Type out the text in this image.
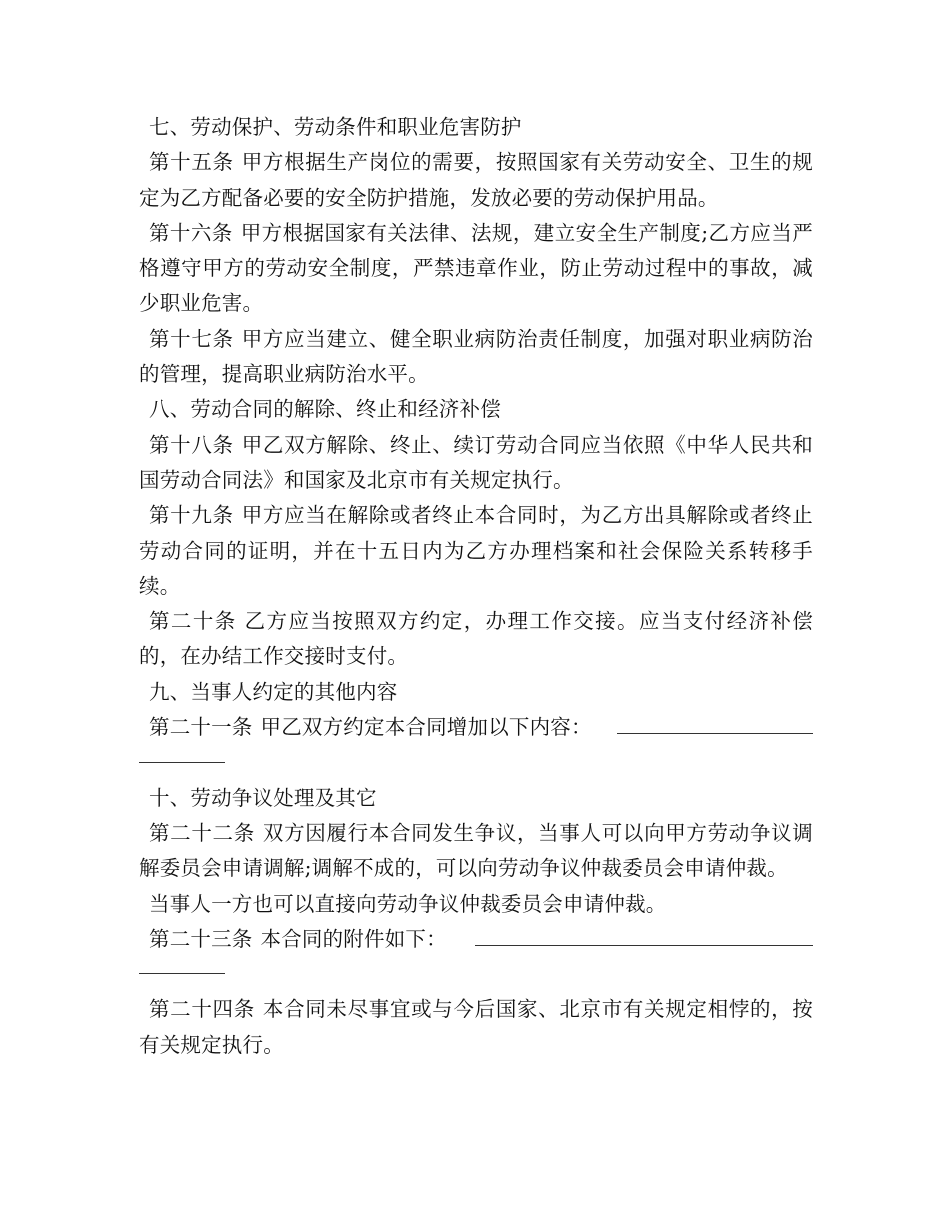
七、劳动保护、劳动条件和职业危害防护

第十五条 甲方根据生产岗位的需要，按照国家有关劳动安全、卫生的规定为乙方配备必要的安全防护措施，发放必要的劳动保护用品。

第十六条 甲方根据国家有关法律、法规，建立安全生产制度;乙方应当严格遵守甲方的劳动安全制度，严禁违章作业，防止劳动过程中的事故，减少职业危害。

第十七条 甲方应当建立、健全职业病防治责任制度，加强对职业病防治的管理，提高职业病防治水平。

八、劳动合同的解除、终止和经济补偿

第十八条 甲乙双方解除、终止、续订劳动合同应当依照《中华人民共和国劳动合同法》和国家及北京市有关规定执行。

第十九条 甲方应当在解除或者终止本合同时，为乙方出具解除或者终止劳动合同的证明，并在十五日内为乙方办理档案和社会保险关系转移手续。

第二十条 乙方应当按照双方约定，办理工作交接。应当支付经济补偿的，在办结工作交接时支付。

九、当事人约定的其他内容

第二十一条 甲乙双方约定本合同增加以下内容：

十、劳动争议处理及其它

第二十二条 双方因履行本合同发生争议，当事人可以向甲方劳动争议调解委员会申请调解;调解不成的，可以向劳动争议仲裁委员会申请仲裁。

当事人一方也可以直接向劳动争议仲裁委员会申请仲裁。

第二十三条 本合同的附件如下：

第二十四条 本合同未尽事宜或与今后国家、北京市有关规定相悖的，按有关规定执行。
